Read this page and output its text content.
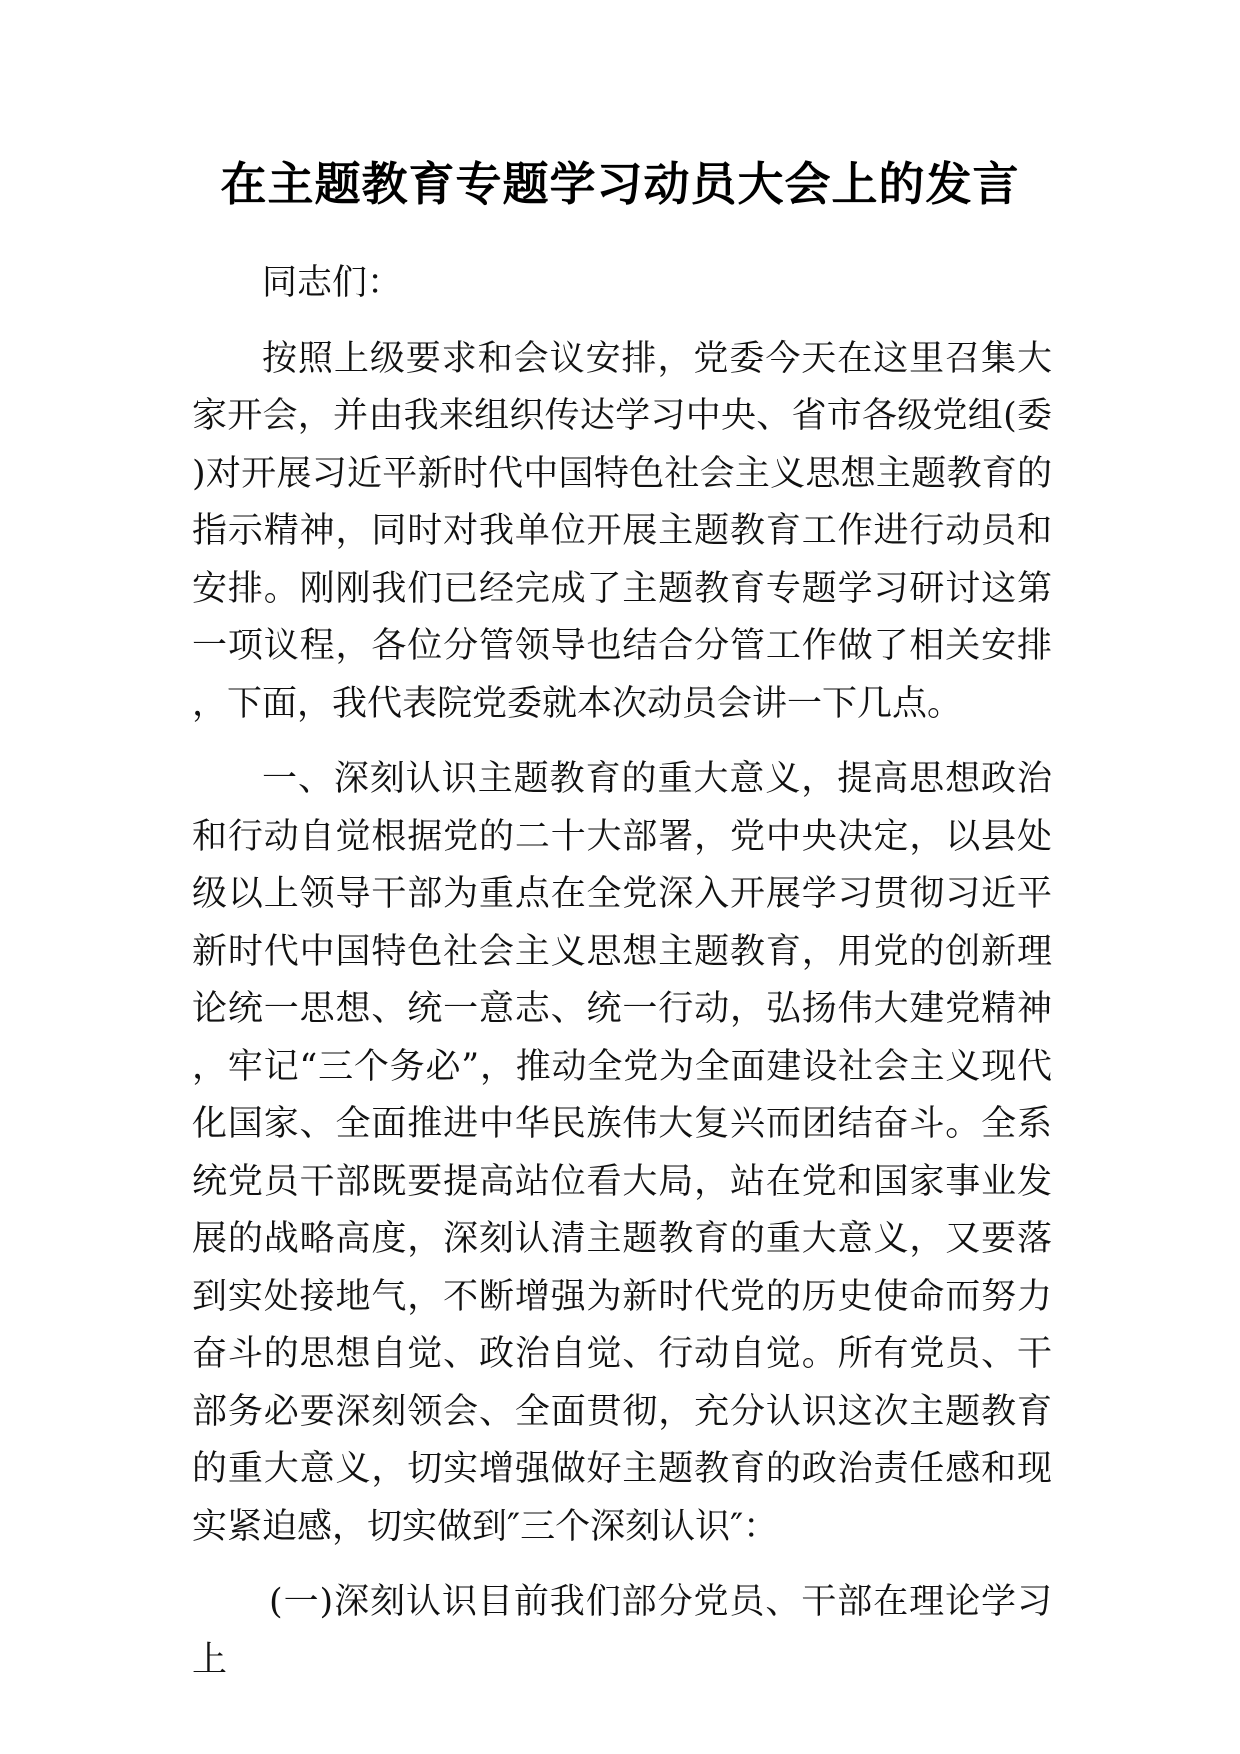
在主题教育专题学习动员大会上的发言

同志们：

按照上级要求和会议安排，党委今天在这里召集大家开会，并由我来组织传达学习中央、省市各级党组(委)对开展习近平新时代中国特色社会主义思想主题教育的指示精神，同时对我单位开展主题教育工作进行动员和安排。刚刚我们已经完成了主题教育专题学习研讨这第一项议程，各位分管领导也结合分管工作做了相关安排，下面，我代表院党委就本次动员会讲一下几点。

一、深刻认识主题教育的重大意义，提高思想政治和行动自觉根据党的二十大部署，党中央决定，以县处级以上领导干部为重点在全党深入开展学习贯彻习近平新时代中国特色社会主义思想主题教育，用党的创新理论统一思想、统一意志、统一行动，弘扬伟大建党精神，牢记“三个务必”，推动全党为全面建设社会主义现代化国家、全面推进中华民族伟大复兴而团结奋斗。全系统党员干部既要提高站位看大局，站在党和国家事业发展的战略高度，深刻认清主题教育的重大意义，又要落到实处接地气，不断增强为新时代党的历史使命而努力奋斗的思想自觉、政治自觉、行动自觉。所有党员、干部务必要深刻领会、全面贯彻，充分认识这次主题教育的重大意义，切实增强做好主题教育的政治责任感和现实紧迫感，切实做到″三个深刻认识″：

(一)深刻认识目前我们部分党员、干部在理论学习上
